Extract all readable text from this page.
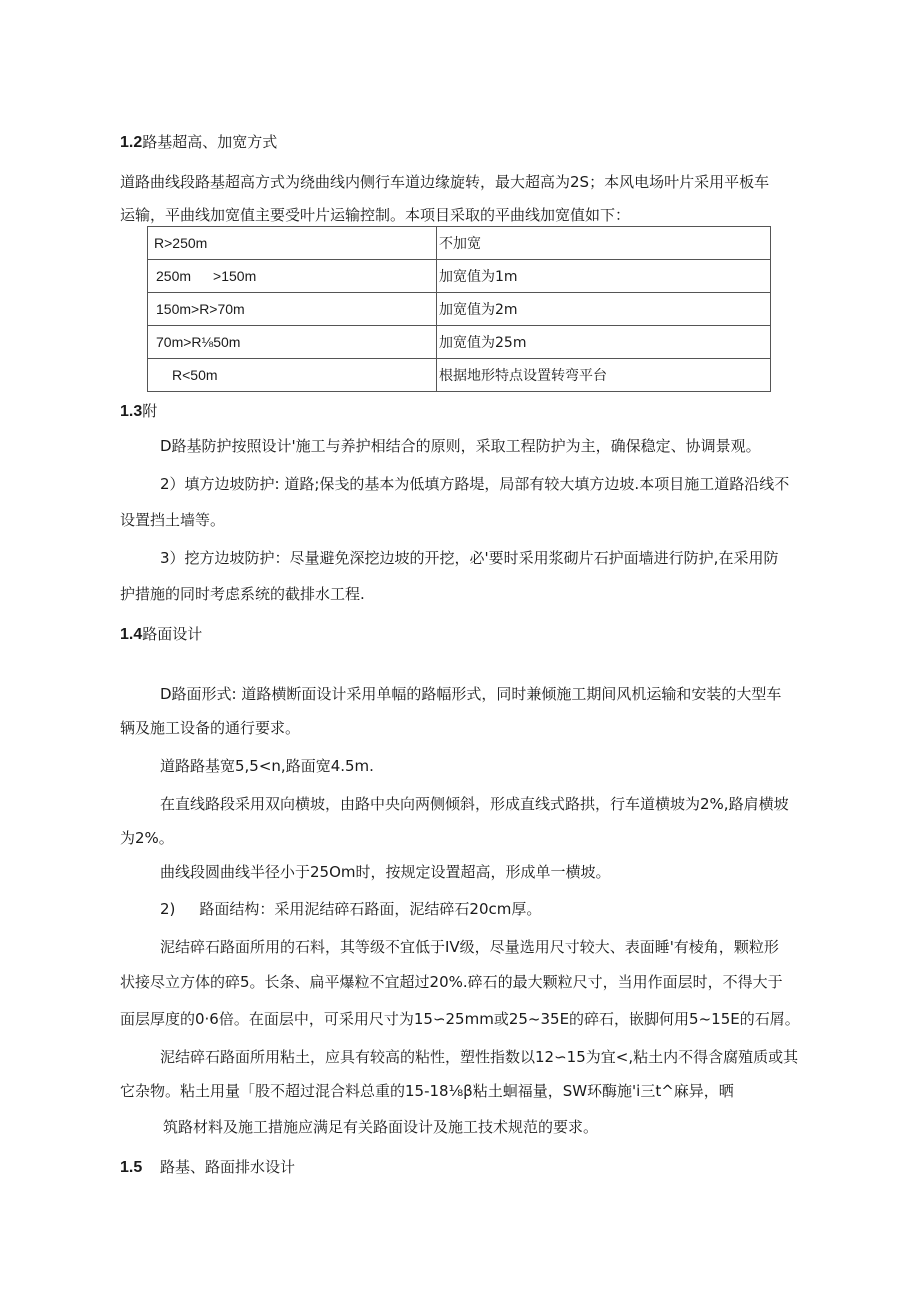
1.2路基超高、加宽方式
道路曲线段路基超高方式为绕曲线内侧行车道边缘旋转，最大超高为2S；本风电场叶片采用平板车
运输，平曲线加宽值主要受叶片运输控制。本项目采取的平曲线加宽值如下：
R>250m	不加宽
250m >150m	加宽值为1m
150m>R>70m	加宽值为2m
70m>R⅛50m	加宽值为25m
R<50m	根据地形特点设置转弯平台
1.3附
D路基防护按照设计'施工与养护相结合的原则，采取工程防护为主，确保稳定、协调景观。
2）填方边坡防护: 道路;保戋的基本为低填方路堤，局部有较大填方边坡.本项目施工道路沿线不
设置挡土墙等。
3）挖方边坡防护：尽量避免深挖边坡的开挖，必'要时采用浆砌片石护面墙进行防护,在采用防
护措施的同时考虑系统的截排水工程.
1.4路面设计
D路面形式: 道路横断面设计采用单幅的路幅形式，同时兼倾施工期间风机运输和安装的大型车
辆及施工设备的通行要求。
道路路基宽5,5<n,路面宽4.5m.
在直线路段采用双向横坡，由路中央向两侧倾斜，形成直线式路拱，行车道横坡为2%,路肩横坡
为2%。
曲线段圆曲线半径小于25Om时，按规定设置超高，形成单一横坡。
2) 路面结构：采用泥结碎石路面，泥结碎石20cm厚。
泥结碎石路面所用的石料，其等级不宜低于IV级，尽量选用尺寸较大、表面睡'有棱角，颗粒形
状接尽立方体的碎5。长条、扁平爆粒不宜超过20%.碎石的最大颗粒尺寸，当用作面层时，不得大于
面层厚度的0·6倍。在面层中，可采用尺寸为15∽25mm或25~35E的碎石，嵌脚何用5~15E的石屑。
泥结碎石路面所用粘土，应具有较高的粘性，塑性指数以12∽15为宜<,粘土内不得含腐殖质或其
它杂物。粘土用量「股不超过混合料总重的15-18⅛β粘土蛔福量，SW环酶施'i三t^麻异，晒
筑路材料及施工措施应满足有关路面设计及施工技术规范的要求。
1.5 路基、路面排水设计
